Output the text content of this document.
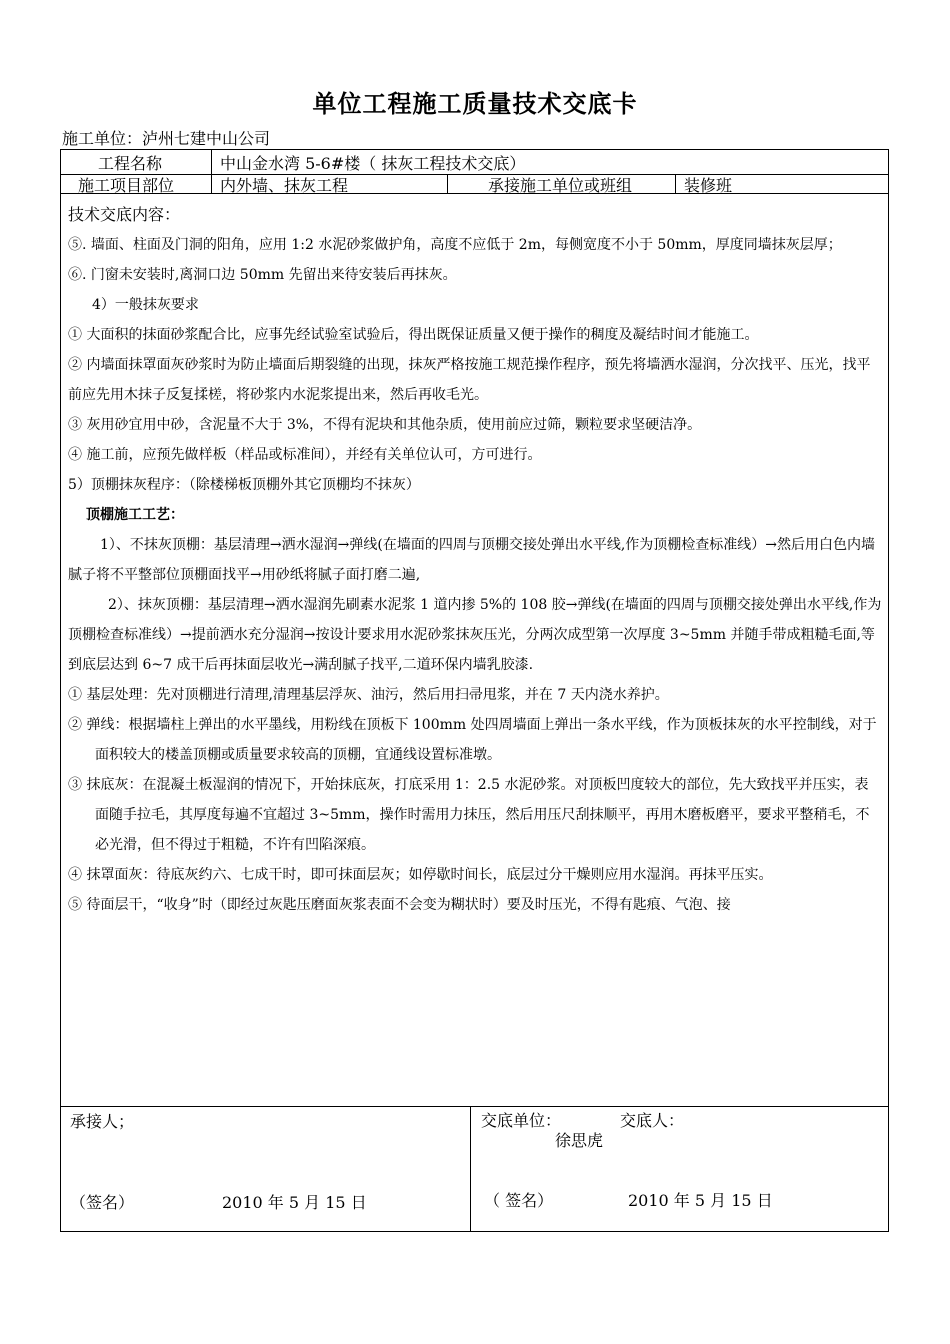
单位工程施工质量技术交底卡
施工单位：泸州七建中山公司
工程名称	中山金水湾 5-6#楼（ 抹灰工程技术交底）
施工项目部位	内外墙、抹灰工程	承接施工单位或班组	装修班

技术交底内容：

⑤. 墙面、柱面及门洞的阳角，应用 1:2 水泥砂浆做护角，高度不应低于 2m，每侧宽度不小于 50mm，厚度同墙抹灰层厚；

⑥. 门窗未安装时,离洞口边 50mm 先留出来待安装后再抹灰。

4）一般抹灰要求

① 大面积的抹面砂浆配合比，应事先经试验室试验后，得出既保证质量又便于操作的稠度及凝结时间才能施工。

② 内墙面抹罩面灰砂浆时为防止墙面后期裂缝的出现，抹灰严格按施工规范操作程序，预先将墙洒水湿润，分次找平、压光，找平前应先用木抹子反复揉槎，将砂浆内水泥浆提出来，然后再收毛光。

③ 灰用砂宜用中砂，含泥量不大于 3%，不得有泥块和其他杂质，使用前应过筛，颗粒要求坚硬洁净。

④ 施工前，应预先做样板（样品或标准间），并经有关单位认可，方可进行。

5）顶棚抹灰程序：（除楼梯板顶棚外其它顶棚均不抹灰）

顶棚施工工艺：

1）、不抹灰顶棚：基层清理→洒水湿润→弹线(在墙面的四周与顶棚交接处弹出水平线,作为顶棚检查标准线）→然后用白色内墙腻子将不平整部位顶棚面找平→用砂纸将腻子面打磨二遍,

2）、抹灰顶棚：基层清理→洒水湿润先刷素水泥浆 1 道内掺 5%的 108 胶→弹线(在墙面的四周与顶棚交接处弹出水平线,作为顶棚检查标准线）→提前洒水充分湿润→按设计要求用水泥砂浆抹灰压光，分两次成型第一次厚度 3~5mm 并随手带成粗糙毛面,等到底层达到 6~7 成干后再抹面层收光→满刮腻子找平,二道环保内墙乳胶漆.

① 基层处理：先对顶棚进行清理,清理基层浮灰、油污，然后用扫帚甩浆，并在 7 天内浇水养护。

② 弹线：根据墙柱上弹出的水平墨线，用粉线在顶板下 100mm 处四周墙面上弹出一条水平线，作为顶板抹灰的水平控制线，对于面积较大的楼盖顶棚或质量要求较高的顶棚，宜通线设置标准墩。

③ 抹底灰：在混凝土板湿润的情况下，开始抹底灰，打底采用 1：2.5 水泥砂浆。对顶板凹度较大的部位，先大致找平并压实，表面随手拉毛，其厚度每遍不宜超过 3~5mm，操作时需用力抹压，然后用压尺刮抹顺平，再用木磨板磨平，要求平整稍毛，不必光滑，但不得过于粗糙，不许有凹陷深痕。

④ 抹罩面灰：待底灰约六、七成干时，即可抹面层灰；如停歇时间长，底层过分干燥则应用水湿润。再抹平压实。

⑤ 待面层干，“收身”时（即经过灰匙压磨面灰浆表面不会变为糊状时）要及时压光，不得有匙痕、气泡、接

承接人；
（签名）	2010 年 5 月 15 日
交底单位：	交底人：
徐思虎
（ 签名）	2010 年 5 月 15 日
